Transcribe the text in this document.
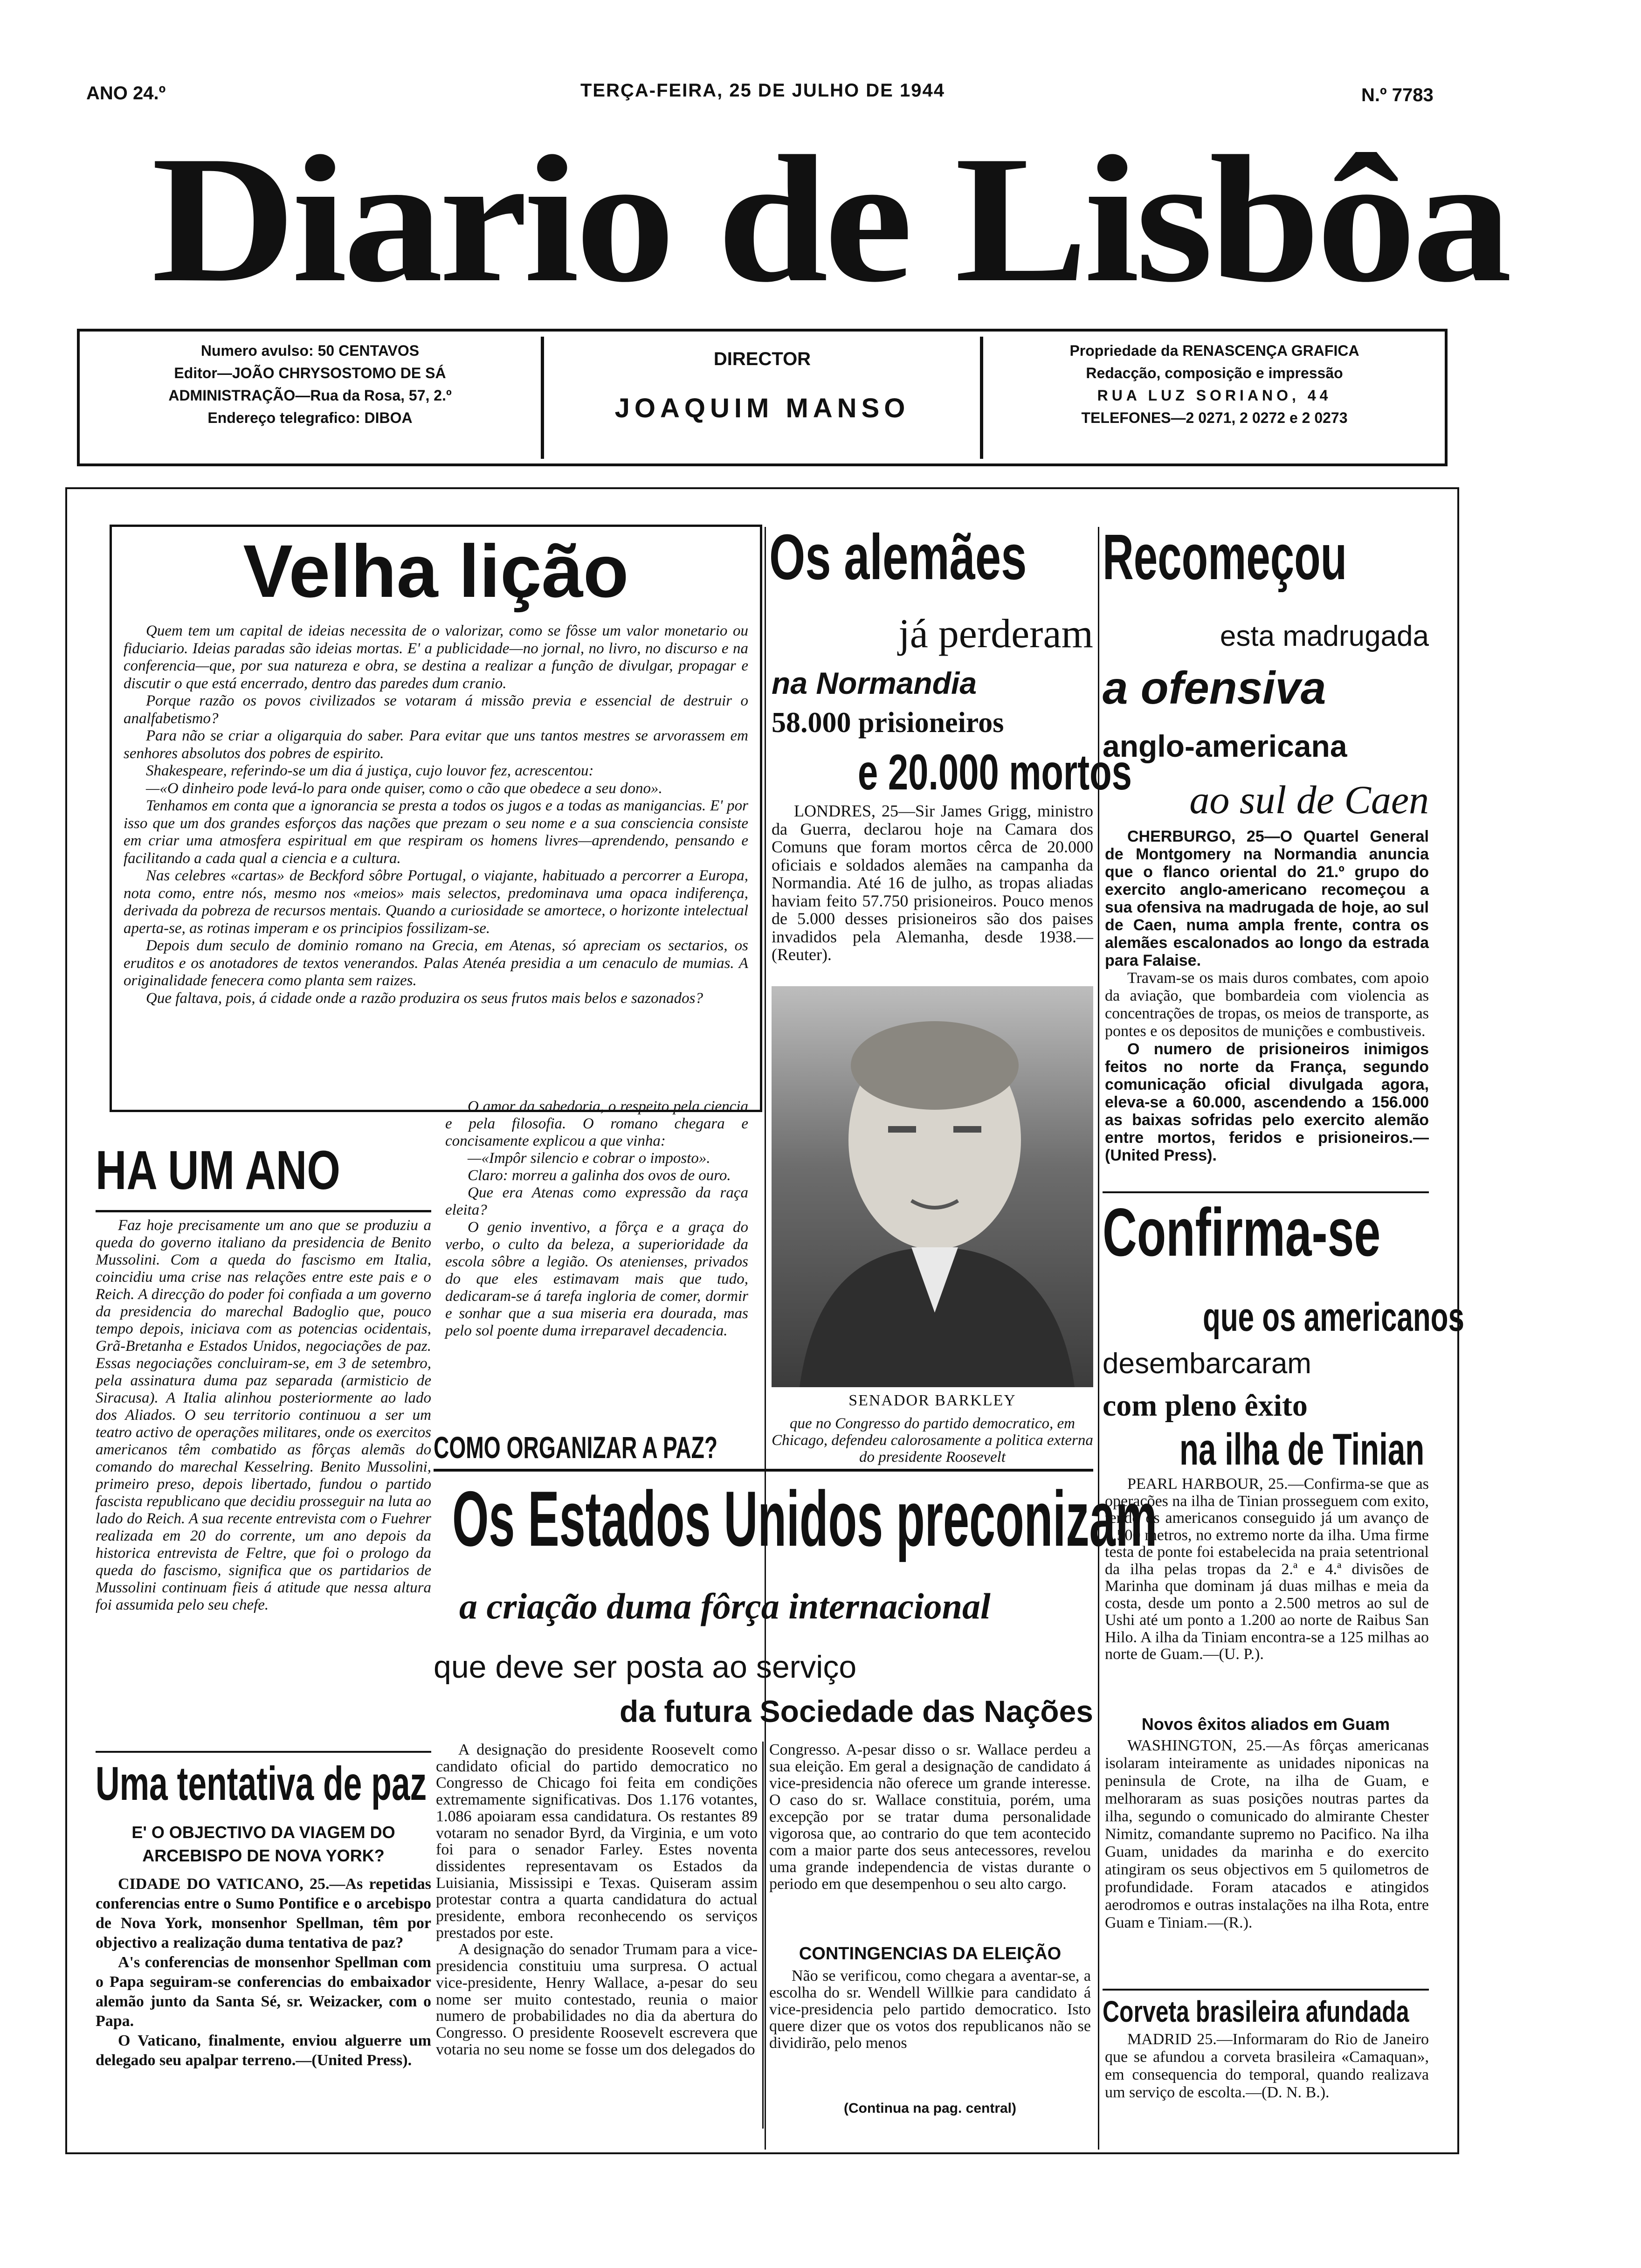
ANO 24.º	TERÇA-FEIRA, 25 DE JULHO DE 1944	N.º 7783
Diario de Lisbôa
Numero avulso: 50 CENTAVOS
Editor—JOÃO CHRYSOSTOMO DE SÁ
ADMINISTRAÇÃO—Rua da Rosa, 57, 2.º
Endereço telegrafico: DIBOA
DIRECTOR
JOAQUIM MANSO
Propriedade da RENASCENÇA GRAFICA
Redacção, composição e impressão
RUA LUZ SORIANO, 44
TELEFONES—2 0271, 2 0272 e 2 0273
Velha lição

Quem tem um capital de ideias necessita de o valorizar, como se fôsse um valor monetario ou fiduciario. Ideias paradas são ideias mortas. E' a publicidade—no jornal, no livro, no discurso e na conferencia—que, por sua natureza e obra, se destina a realizar a função de divulgar, propagar e discutir o que está encerrado, dentro das paredes dum cranio.

Porque razão os povos civilizados se votaram á missão previa e essencial de destruir o analfabetismo?

Para não se criar a oligarquia do saber. Para evitar que uns tantos mestres se arvorassem em senhores absolutos dos pobres de espirito.

Shakespeare, referindo-se um dia á justiça, cujo louvor fez, acrescentou:

—«O dinheiro pode levá-lo para onde quiser, como o cão que obedece a seu dono».

Tenhamos em conta que a ignorancia se presta a todos os jugos e a todas as manigancias. E' por isso que um dos grandes esforços das nações que prezam o seu nome e a sua consciencia consiste em criar uma atmosfera espiritual em que respiram os homens livres—aprendendo, pensando e facilitando a cada qual a ciencia e a cultura.

Nas celebres «cartas» de Beckford sôbre Portugal, o viajante, habituado a percorrer a Europa, nota como, entre nós, mesmo nos «meios» mais selectos, predominava uma opaca indiferença, derivada da pobreza de recursos mentais. Quando a curiosidade se amortece, o horizonte intelectual aperta-se, as rotinas imperam e os principios fossilizam-se.

Depois dum seculo de dominio romano na Grecia, em Atenas, só apreciam os sectarios, os eruditos e os anotadores de textos venerandos. Palas Atenéa presidia a um cenaculo de mumias. A originalidade fenecera como planta sem raizes.

Que faltava, pois, á cidade onde a razão produzira os seus frutos mais belos e sazonados?

O amor da sabedoria, o respeito pela ciencia e pela filosofia. O romano chegara e concisamente explicou a que vinha:

—«Impôr silencio e cobrar o imposto».

Claro: morreu a galinha dos ovos de ouro.

Que era Atenas como expressão da raça eleita?

O genio inventivo, a fôrça e a graça do verbo, o culto da beleza, a superioridade da escola sôbre a legião. Os atenienses, privados do que eles estimavam mais que tudo, dedicaram-se á tarefa ingloria de comer, dormir e sonhar que a sua miseria era dourada, mas pelo sol poente duma irreparavel decadencia.

HA UM ANO

Faz hoje precisamente um ano que se produziu a queda do governo italiano da presidencia de Benito Mussolini. Com a queda do fascismo em Italia, coincidiu uma crise nas relações entre este pais e o Reich. A direcção do poder foi confiada a um governo da presidencia do marechal Badoglio que, pouco tempo depois, iniciava com as potencias ocidentais, Grã-Bretanha e Estados Unidos, negociações de paz. Essas negociações concluiram-se, em 3 de setembro, pela assinatura duma paz separada (armisticio de Siracusa). A Italia alinhou posteriormente ao lado dos Aliados. O seu territorio continuou a ser um teatro activo de operações militares, onde os exercitos americanos têm combatido as fôrças alemãs do comando do marechal Kesselring. Benito Mussolini, primeiro preso, depois libertado, fundou o partido fascista republicano que decidiu prosseguir na luta ao lado do Reich. A sua recente entrevista com o Fuehrer realizada em 20 do corrente, um ano depois da historica entrevista de Feltre, que foi o prologo da queda do fascismo, significa que os partidarios de Mussolini continuam fieis á atitude que nessa altura foi assumida pelo seu chefe.

Uma tentativa de paz
E' O OBJECTIVO DA VIAGEM DO ARCEBISPO DE NOVA YORK?

CIDADE DO VATICANO, 25.—As repetidas conferencias entre o Sumo Pontifice e o arcebispo de Nova York, monsenhor Spellman, têm por objectivo a realização duma tentativa de paz?

A's conferencias de monsenhor Spellman com o Papa seguiram-se conferencias do embaixador alemão junto da Santa Sé, sr. Weizacker, com o Papa.

O Vaticano, finalmente, enviou alguerre um delegado seu apalpar terreno.—(United Press).

Os alemães
já perderam
na Normandia
58.000 prisioneiros
e 20.000 mortos

LONDRES, 25—Sir James Grigg, ministro da Guerra, declarou hoje na Camara dos Comuns que foram mortos cêrca de 20.000 oficiais e soldados alemães na campanha da Normandia. Até 16 de julho, as tropas aliadas haviam feito 57.750 prisioneiros. Pouco menos de 5.000 desses prisioneiros são dos paises invadidos pela Alemanha, desde 1938.—(Reuter).

SENADOR BARKLEY
que no Congresso do partido democratico, em Chicago, defendeu calorosamente a politica externa do presidente Roosevelt
Recomeçou
esta madrugada
a ofensiva
anglo-americana
ao sul de Caen

CHERBURGO, 25—O Quartel General de Montgomery na Normandia anuncia que o flanco oriental do 21.º grupo do exercito anglo-americano recomeçou a sua ofensiva na madrugada de hoje, ao sul de Caen, numa ampla frente, contra os alemães escalonados ao longo da estrada para Falaise.

Travam-se os mais duros combates, com apoio da aviação, que bombardeia com violencia as concentrações de tropas, os meios de transporte, as pontes e os depositos de munições e combustiveis.

O numero de prisioneiros inimigos feitos no norte da França, segundo comunicação oficial divulgada agora, eleva-se a 60.000, ascendendo a 156.000 as baixas sofridas pelo exercito alemão entre mortos, feridos e prisioneiros.—(United Press).

Confirma-se
que os americanos
desembarcaram
com pleno êxito
na ilha de Tinian

PEARL HARBOUR, 25.—Confirma-se que as operações na ilha de Tinian prosseguem com exito, tendo os americanos conseguido já um avanço de 1.500 metros, no extremo norte da ilha. Uma firme testa de ponte foi estabelecida na praia setentrional da ilha pelas tropas da 2.ª e 4.ª divisões de Marinha que dominam já duas milhas e meia da costa, desde um ponto a 2.500 metros ao sul de Ushi até um ponto a 1.200 ao norte de Raibus San Hilo. A ilha da Tiniam encontra-se a 125 milhas ao norte de Guam.—(U. P.).

Novos êxitos aliados em Guam

WASHINGTON, 25.—As fôrças americanas isolaram inteiramente as unidades niponicas na peninsula de Crote, na ilha de Guam, e melhoraram as suas posições noutras partes da ilha, segundo o comunicado do almirante Chester Nimitz, comandante supremo no Pacifico. Na ilha Guam, unidades da marinha e do exercito atingiram os seus objectivos em 5 quilometros de profundidade. Foram atacados e atingidos aerodromos e outras instalações na ilha Rota, entre Guam e Tiniam.—(R.).

Corveta brasileira afundada

MADRID 25.—Informaram do Rio de Janeiro que se afundou a corveta brasileira «Camaquan», em consequencia do temporal, quando realizava um serviço de escolta.—(D. N. B.).

COMO ORGANIZAR A PAZ?
Os Estados Unidos preconizam
a criação duma fôrça internacional
que deve ser posta ao serviço
da futura Sociedade das Nações

A designação do presidente Roosevelt como candidato oficial do partido democratico no Congresso de Chicago foi feita em condições extremamente significativas. Dos 1.176 votantes, 1.086 apoiaram essa candidatura. Os restantes 89 votaram no senador Byrd, da Virginia, e um voto foi para o senador Farley. Estes noventa dissidentes representavam os Estados da Luisiania, Mississipi e Texas. Quiseram assim protestar contra a quarta candidatura do actual presidente, embora reconhecendo os serviços prestados por este.

A designação do senador Trumam para a vice-presidencia constituiu uma surpresa. O actual vice-presidente, Henry Wallace, a-pesar do seu nome ser muito contestado, reunia o maior numero de probabilidades no dia da abertura do Congresso. O presidente Roosevelt escrevera que votaria no seu nome se fosse um dos delegados do

Congresso. A-pesar disso o sr. Wallace perdeu a sua eleição. Em geral a designação de candidato á vice-presidencia não oferece um grande interesse. O caso do sr. Wallace constituia, porém, uma excepção por se tratar duma personalidade vigorosa que, ao contrario do que tem acontecido com a maior parte dos seus antecessores, revelou uma grande independencia de vistas durante o periodo em que desempenhou o seu alto cargo.

CONTINGENCIAS DA ELEIÇÃO

Não se verificou, como chegara a aventar-se, a escolha do sr. Wendell Willkie para candidato á vice-presidencia pelo partido democratico. Isto quere dizer que os votos dos republicanos não se dividirão, pelo menos

(Continua na pag. central)
